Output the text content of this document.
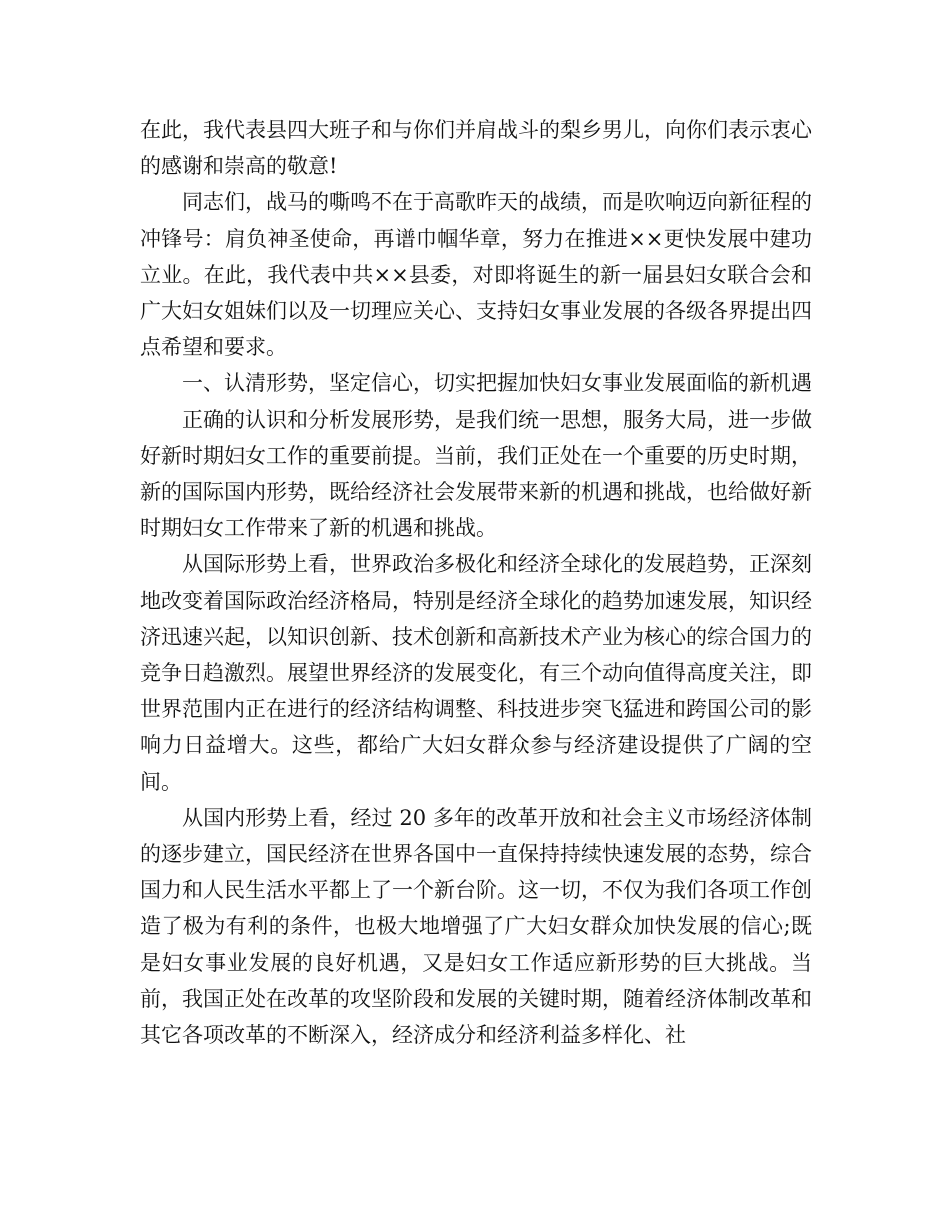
在此，我代表县四大班子和与你们并肩战斗的梨乡男儿，向你们表示衷心的感谢和崇高的敬意!

同志们，战马的嘶鸣不在于高歌昨天的战绩，而是吹响迈向新征程的冲锋号：肩负神圣使命，再谱巾帼华章，努力在推进××更快发展中建功立业。在此，我代表中共××县委，对即将诞生的新一届县妇女联合会和广大妇女姐妹们以及一切理应关心、支持妇女事业发展的各级各界提出四点希望和要求。

一、认清形势，坚定信心，切实把握加快妇女事业发展面临的新机遇

正确的认识和分析发展形势，是我们统一思想，服务大局，进一步做好新时期妇女工作的重要前提。当前，我们正处在一个重要的历史时期，新的国际国内形势，既给经济社会发展带来新的机遇和挑战，也给做好新时期妇女工作带来了新的机遇和挑战。

从国际形势上看，世界政治多极化和经济全球化的发展趋势，正深刻地改变着国际政治经济格局，特别是经济全球化的趋势加速发展，知识经济迅速兴起，以知识创新、技术创新和高新技术产业为核心的综合国力的竞争日趋激烈。展望世界经济的发展变化，有三个动向值得高度关注，即世界范围内正在进行的经济结构调整、科技进步突飞猛进和跨国公司的影响力日益增大。这些，都给广大妇女群众参与经济建设提供了广阔的空间。

从国内形势上看，经过 20 多年的改革开放和社会主义市场经济体制的逐步建立，国民经济在世界各国中一直保持持续快速发展的态势，综合国力和人民生活水平都上了一个新台阶。这一切，不仅为我们各项工作创造了极为有利的条件，也极大地增强了广大妇女群众加快发展的信心;既是妇女事业发展的良好机遇，又是妇女工作适应新形势的巨大挑战。当前，我国正处在改革的攻坚阶段和发展的关键时期，随着经济体制改革和其它各项改革的不断深入，经济成分和经济利益多样化、社
